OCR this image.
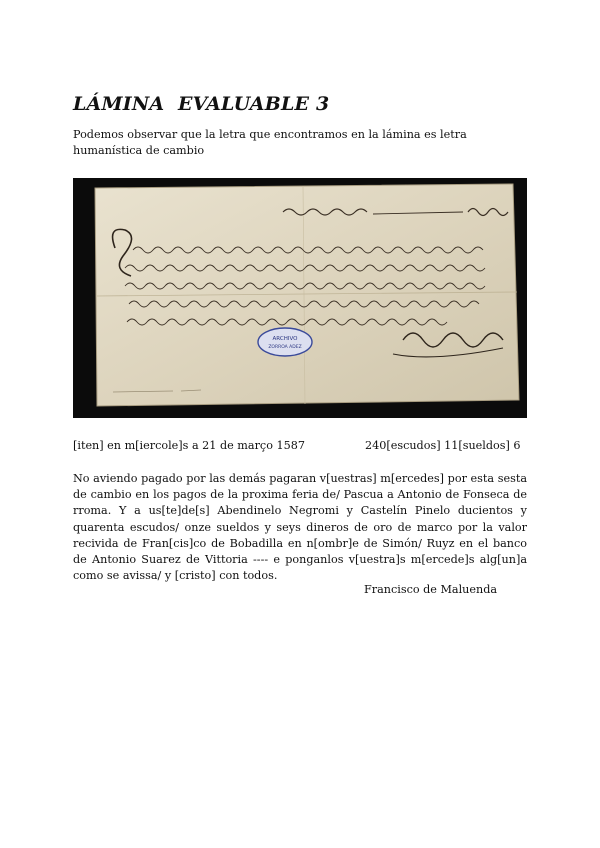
LÁMINA  EVALUABLE 3
Podemos observar que la letra que encontramos en la lámina es letra humanística de cambio
ARCHIVO
ZORROA ADEZ
[iten] en m[iercole]s a 21 de março 1587	240[escudos] 11[sueldos] 6
No aviendo pagado por las demás pagaran v[uestras] m[ercedes] por esta sesta de cambio en los pagos de la proxima feria de/ Pascua a Antonio de Fonseca de rroma. Y a us[te]de[s] Abendinelo Negromi y Castelín Pinelo ducientos y quarenta escudos/ onze sueldos y seys dineros de oro de marco por la valor recivida de Fran[cis]co de Bobadilla en n[ombr]e de Simón/ Ruyz en el banco de Antonio Suarez de Vittoria ---- e ponganlos v[uestra]s m[ercede]s alg[un]a como se avissa/ y [cristo] con todos.
Francisco de Maluenda
